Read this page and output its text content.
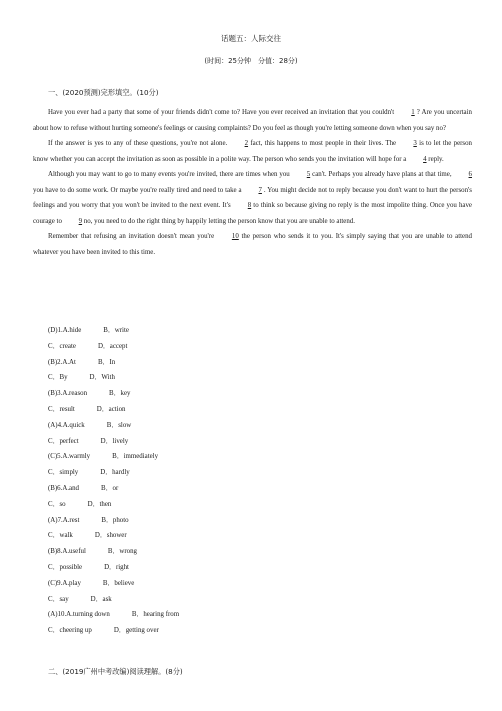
话题五：人际交往
(时间：25分钟　分值：28分)
一、(2020预测)完形填空。(10分)

Have you ever had a party that some of your friends didn't come to? Have you ever received an invitation that you couldn't 1 ? Are you uncertain about how to refuse without hurting someone's feelings or causing complaints? Do you feel as though you're letting someone down when you say no?

If the answer is yes to any of these questions, you're not alone.	2 fact, this happens to most people in their lives. The	3 is to let the person know whether you can accept the invitation as soon as possible in a polite way. The person who sends you the invitation will hope for a 4 reply.

Although you may want to go to many events you're invited, there are times when you 5 can't. Perhaps you already have plans at that time, 6 you have to do some work. Or maybe you're really tired and need to take a 7 . You might decide not to reply because you don't want to hurt the person's feelings and you worry that you won't be invited to the next event. It's 8 to think so because giving no reply is the most impolite thing. Once you have courage to 9 no, you need to do the right thing by happily letting the person know that you are unable to attend.

Remember that refusing an invitation doesn't mean you're	10 the person who sends it to you. It's simply saying that you are unable to attend whatever you have been invited to this time.

(D)1.A.hide	B．write
C．create	D．accept
(B)2.A.At	B．In
C．By	D．With
(B)3.A.reason	B．key
C．result	D．action
(A)4.A.quick	B．slow
C．perfect	D．lively
(C)5.A.warmly	B．immediately
C．simply	D．hardly
(B)6.A.and	B．or
C．so	D．then
(A)7.A.rest	B．photo
C．walk	D．shower
(B)8.A.useful	B．wrong
C．possible	D．right
(C)9.A.play	B．believe
C．say	D．ask
(A)10.A.turning down	B．hearing from
C．cheering up	D．getting over
二、(2019广州中考改编)阅读理解。(8分)
